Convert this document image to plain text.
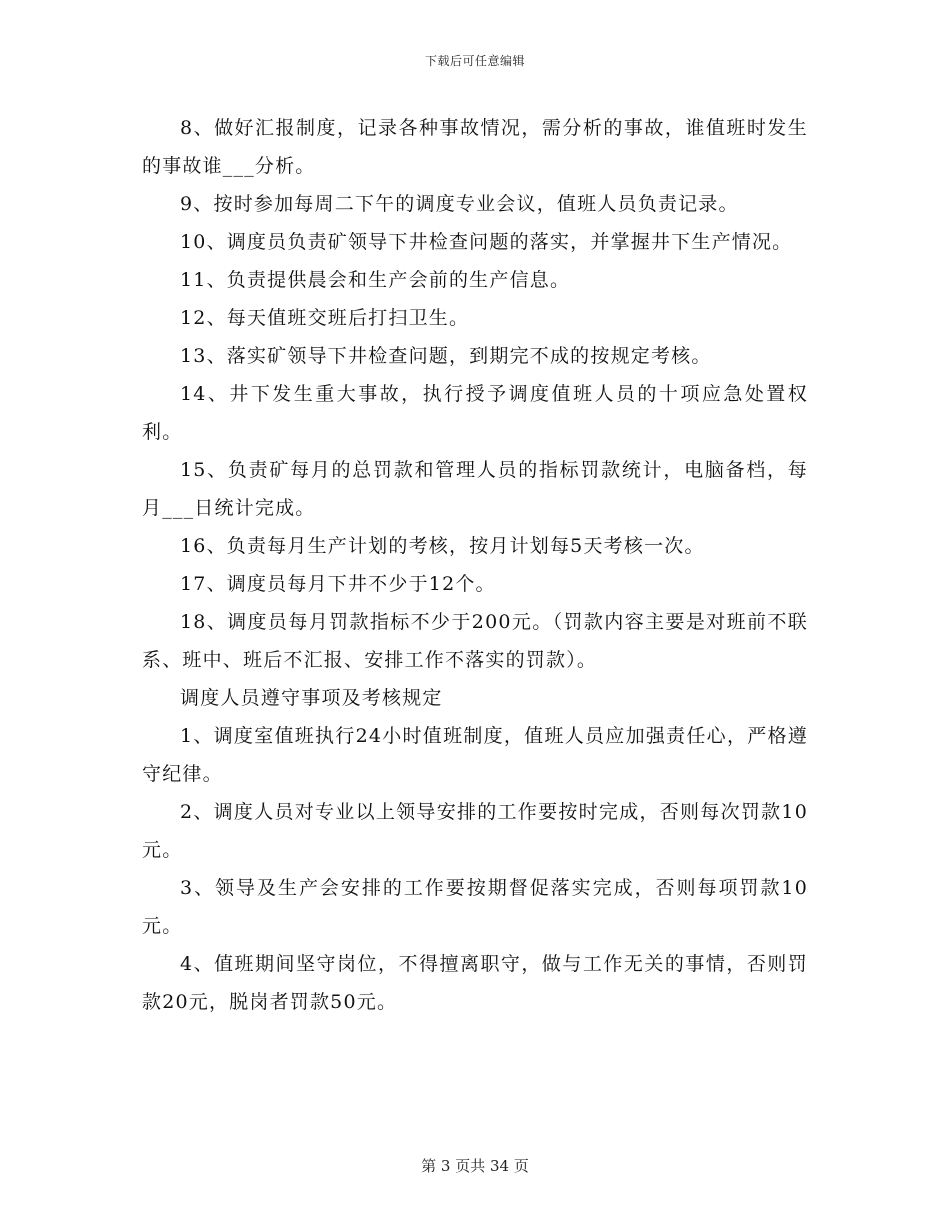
下载后可任意编辑

8、做好汇报制度，记录各种事故情况，需分析的事故，谁值班时发生的事故谁___分析。

9、按时参加每周二下午的调度专业会议，值班人员负责记录。

10、调度员负责矿领导下井检查问题的落实，并掌握井下生产情况。

11、负责提供晨会和生产会前的生产信息。

12、每天值班交班后打扫卫生。

13、落实矿领导下井检查问题，到期完不成的按规定考核。

14、井下发生重大事故，执行授予调度值班人员的十项应急处置权利。

15、负责矿每月的总罚款和管理人员的指标罚款统计，电脑备档，每月___日统计完成。

16、负责每月生产计划的考核，按月计划每5天考核一次。

17、调度员每月下井不少于12个。

18、调度员每月罚款指标不少于200元。（罚款内容主要是对班前不联系、班中、班后不汇报、安排工作不落实的罚款）。

调度人员遵守事项及考核规定

1、调度室值班执行24小时值班制度，值班人员应加强责任心，严格遵守纪律。

2、调度人员对专业以上领导安排的工作要按时完成，否则每次罚款10元。

3、领导及生产会安排的工作要按期督促落实完成，否则每项罚款10元。

4、值班期间坚守岗位，不得擅离职守，做与工作无关的事情，否则罚款20元，脱岗者罚款50元。

第 3 页共 34 页
